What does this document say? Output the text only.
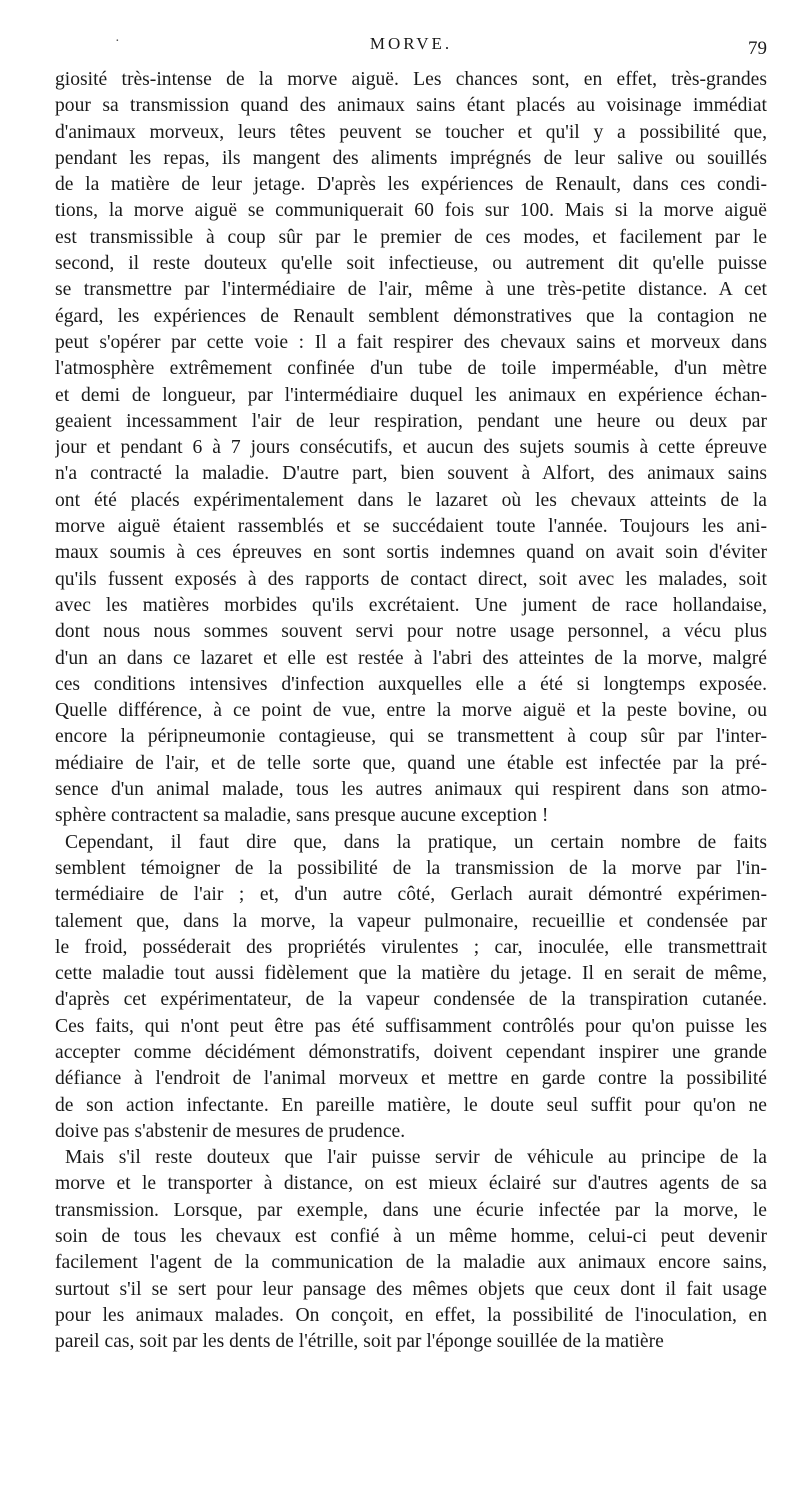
·	MORVE.	79
giosité très-intense de la morve aiguë. Les chances sont, en effet, très-grandes
pour sa transmission quand des animaux sains étant placés au voisinage immédiat
d'animaux morveux, leurs têtes peuvent se toucher et qu'il y a possibilité que,
pendant les repas, ils mangent des aliments imprégnés de leur salive ou souillés
de la matière de leur jetage. D'après les expériences de Renault, dans ces condi-
tions, la morve aiguë se communiquerait 60 fois sur 100. Mais si la morve aiguë
est transmissible à coup sûr par le premier de ces modes, et facilement par le
second, il reste douteux qu'elle soit infectieuse, ou autrement dit qu'elle puisse
se transmettre par l'intermédiaire de l'air, même à une très-petite distance. A cet
égard, les expériences de Renault semblent démonstratives que la contagion ne
peut s'opérer par cette voie : Il a fait respirer des chevaux sains et morveux dans
l'atmosphère extrêmement confinée d'un tube de toile imperméable, d'un mètre
et demi de longueur, par l'intermédiaire duquel les animaux en expérience échan-
geaient incessamment l'air de leur respiration, pendant une heure ou deux par
jour et pendant 6 à 7 jours consécutifs, et aucun des sujets soumis à cette épreuve
n'a contracté la maladie. D'autre part, bien souvent à Alfort, des animaux sains
ont été placés expérimentalement dans le lazaret où les chevaux atteints de la
morve aiguë étaient rassemblés et se succédaient toute l'année. Toujours les ani-
maux soumis à ces épreuves en sont sortis indemnes quand on avait soin d'éviter
qu'ils fussent exposés à des rapports de contact direct, soit avec les malades, soit
avec les matières morbides qu'ils excrétaient. Une jument de race hollandaise,
dont nous nous sommes souvent servi pour notre usage personnel, a vécu plus
d'un an dans ce lazaret et elle est restée à l'abri des atteintes de la morve, malgré
ces conditions intensives d'infection auxquelles elle a été si longtemps exposée.
Quelle différence, à ce point de vue, entre la morve aiguë et la peste bovine, ou
encore la péripneumonie contagieuse, qui se transmettent à coup sûr par l'inter-
médiaire de l'air, et de telle sorte que, quand une étable est infectée par la pré-
sence d'un animal malade, tous les autres animaux qui respirent dans son atmo-
sphère contractent sa maladie, sans presque aucune exception !
Cependant, il faut dire que, dans la pratique, un certain nombre de faits
semblent témoigner de la possibilité de la transmission de la morve par l'in-
termédiaire de l'air ; et, d'un autre côté, Gerlach aurait démontré expérimen-
talement que, dans la morve, la vapeur pulmonaire, recueillie et condensée par
le froid, posséderait des propriétés virulentes ; car, inoculée, elle transmettrait
cette maladie tout aussi fidèlement que la matière du jetage. Il en serait de même,
d'après cet expérimentateur, de la vapeur condensée de la transpiration cutanée.
Ces faits, qui n'ont peut être pas été suffisamment contrôlés pour qu'on puisse les
accepter comme décidément démonstratifs, doivent cependant inspirer une grande
défiance à l'endroit de l'animal morveux et mettre en garde contre la possibilité
de son action infectante. En pareille matière, le doute seul suffit pour qu'on ne
doive pas s'abstenir de mesures de prudence.
Mais s'il reste douteux que l'air puisse servir de véhicule au principe de la
morve et le transporter à distance, on est mieux éclairé sur d'autres agents de sa
transmission. Lorsque, par exemple, dans une écurie infectée par la morve, le
soin de tous les chevaux est confié à un même homme, celui-ci peut devenir
facilement l'agent de la communication de la maladie aux animaux encore sains,
surtout s'il se sert pour leur pansage des mêmes objets que ceux dont il fait usage
pour les animaux malades. On conçoit, en effet, la possibilité de l'inoculation, en
pareil cas, soit par les dents de l'étrille, soit par l'éponge souillée de la matière
